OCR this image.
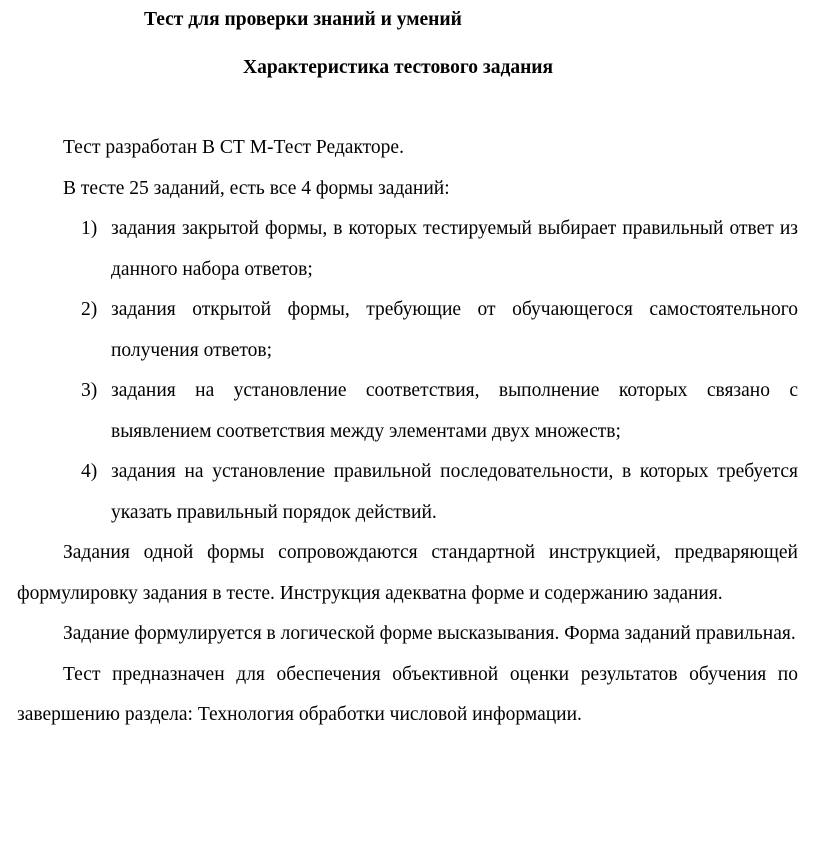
Тест для проверки знаний и умений
Характеристика тестового задания

Тест разработан В СТ М-Тест Редакторе.

В тесте 25 заданий, есть все 4 формы заданий:

1) задания закрытой формы, в которых тестируемый выбирает правильный ответ из данного набора ответов;
2) задания открытой формы, требующие от обучающегося самостоятельного получения ответов;
3) задания на установление соответствия, выполнение которых связано с выявлением соответствия между элементами двух множеств;
4) задания на установление правильной последовательности, в которых требуется указать правильный порядок действий.

Задания одной формы сопровождаются стандартной инструкцией, предваряющей формулировку задания в тесте. Инструкция адекватна форме и содержанию задания.

Задание формулируется в логической форме высказывания. Форма заданий правильная.

Тест предназначен для обеспечения объективной оценки результатов обучения по завершению раздела: Технология обработки числовой информации.
